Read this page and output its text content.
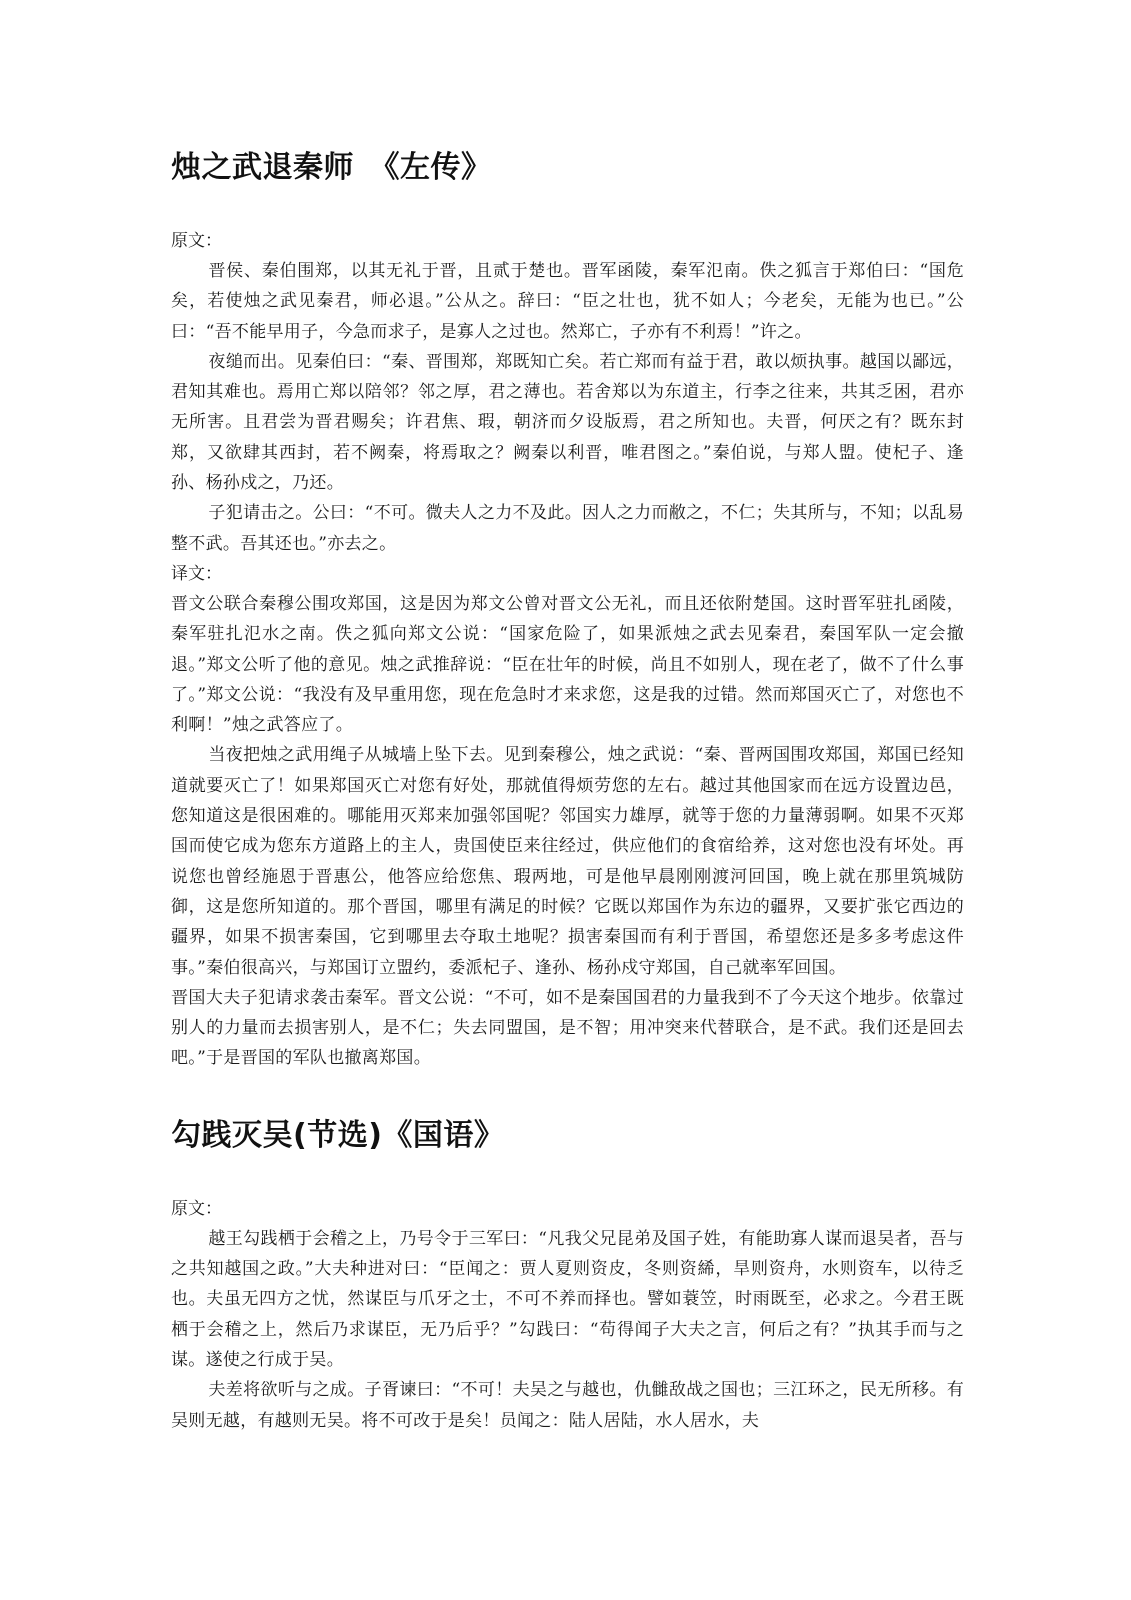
烛之武退秦师　《左传》

原文：

晋侯、秦伯围郑，以其无礼于晋，且贰于楚也。晋军函陵，秦军氾南。佚之狐言于郑伯曰：“国危矣，若使烛之武见秦君，师必退。”公从之。辞曰：“臣之壮也，犹不如人；今老矣，无能为也已。”公曰：“吾不能早用子，今急而求子，是寡人之过也。然郑亡，子亦有不利焉！”许之。

夜缒而出。见秦伯曰：“秦、晋围郑，郑既知亡矣。若亡郑而有益于君，敢以烦执事。越国以鄙远，君知其难也。焉用亡郑以陪邻？邻之厚，君之薄也。若舍郑以为东道主，行李之往来，共其乏困，君亦无所害。且君尝为晋君赐矣；许君焦、瑕，朝济而夕设版焉，君之所知也。夫晋，何厌之有？既东封郑，又欲肆其西封，若不阙秦，将焉取之？阙秦以利晋，唯君图之。”秦伯说，与郑人盟。使杞子、逢孙、杨孙戍之，乃还。

子犯请击之。公曰：“不可。微夫人之力不及此。因人之力而敝之，不仁；失其所与，不知；以乱易整不武。吾其还也。”亦去之。

译文：

晋文公联合秦穆公围攻郑国，这是因为郑文公曾对晋文公无礼，而且还依附楚国。这时晋军驻扎函陵，秦军驻扎氾水之南。佚之狐向郑文公说：“国家危险了，如果派烛之武去见秦君，秦国军队一定会撤退。”郑文公听了他的意见。烛之武推辞说：“臣在壮年的时候，尚且不如别人，现在老了，做不了什么事了。”郑文公说：“我没有及早重用您，现在危急时才来求您，这是我的过错。然而郑国灭亡了，对您也不利啊！”烛之武答应了。

当夜把烛之武用绳子从城墙上坠下去。见到秦穆公，烛之武说：“秦、晋两国围攻郑国，郑国已经知道就要灭亡了！如果郑国灭亡对您有好处，那就值得烦劳您的左右。越过其他国家而在远方设置边邑，您知道这是很困难的。哪能用灭郑来加强邻国呢？邻国实力雄厚，就等于您的力量薄弱啊。如果不灭郑国而使它成为您东方道路上的主人，贵国使臣来往经过，供应他们的食宿给养，这对您也没有坏处。再说您也曾经施恩于晋惠公，他答应给您焦、瑕两地，可是他早晨刚刚渡河回国，晚上就在那里筑城防御，这是您所知道的。那个晋国，哪里有满足的时候？它既以郑国作为东边的疆界，又要扩张它西边的疆界，如果不损害秦国，它到哪里去夺取土地呢？损害秦国而有利于晋国，希望您还是多多考虑这件事。”秦伯很高兴，与郑国订立盟约，委派杞子、逢孙、杨孙戍守郑国，自己就率军回国。

晋国大夫子犯请求袭击秦军。晋文公说：“不可，如不是秦国国君的力量我到不了今天这个地步。依靠过别人的力量而去损害别人，是不仁；失去同盟国，是不智；用冲突来代替联合，是不武。我们还是回去吧。”于是晋国的军队也撤离郑国。

勾践灭吴(节选)《国语》

原文：

越王勾践栖于会稽之上，乃号令于三军曰：“凡我父兄昆弟及国子姓，有能助寡人谋而退吴者，吾与之共知越国之政。”大夫种进对曰：“臣闻之：贾人夏则资皮，冬则资絺，旱则资舟，水则资车，以待乏也。夫虽无四方之忧，然谋臣与爪牙之士，不可不养而择也。譬如蓑笠，时雨既至，必求之。今君王既栖于会稽之上，然后乃求谋臣，无乃后乎？”勾践曰：“苟得闻子大夫之言，何后之有？”执其手而与之谋。遂使之行成于吴。

夫差将欲听与之成。子胥谏曰：“不可！夫吴之与越也，仇雠敌战之国也；三江环之，民无所移。有吴则无越，有越则无吴。将不可改于是矣！员闻之：陆人居陆，水人居水，夫
